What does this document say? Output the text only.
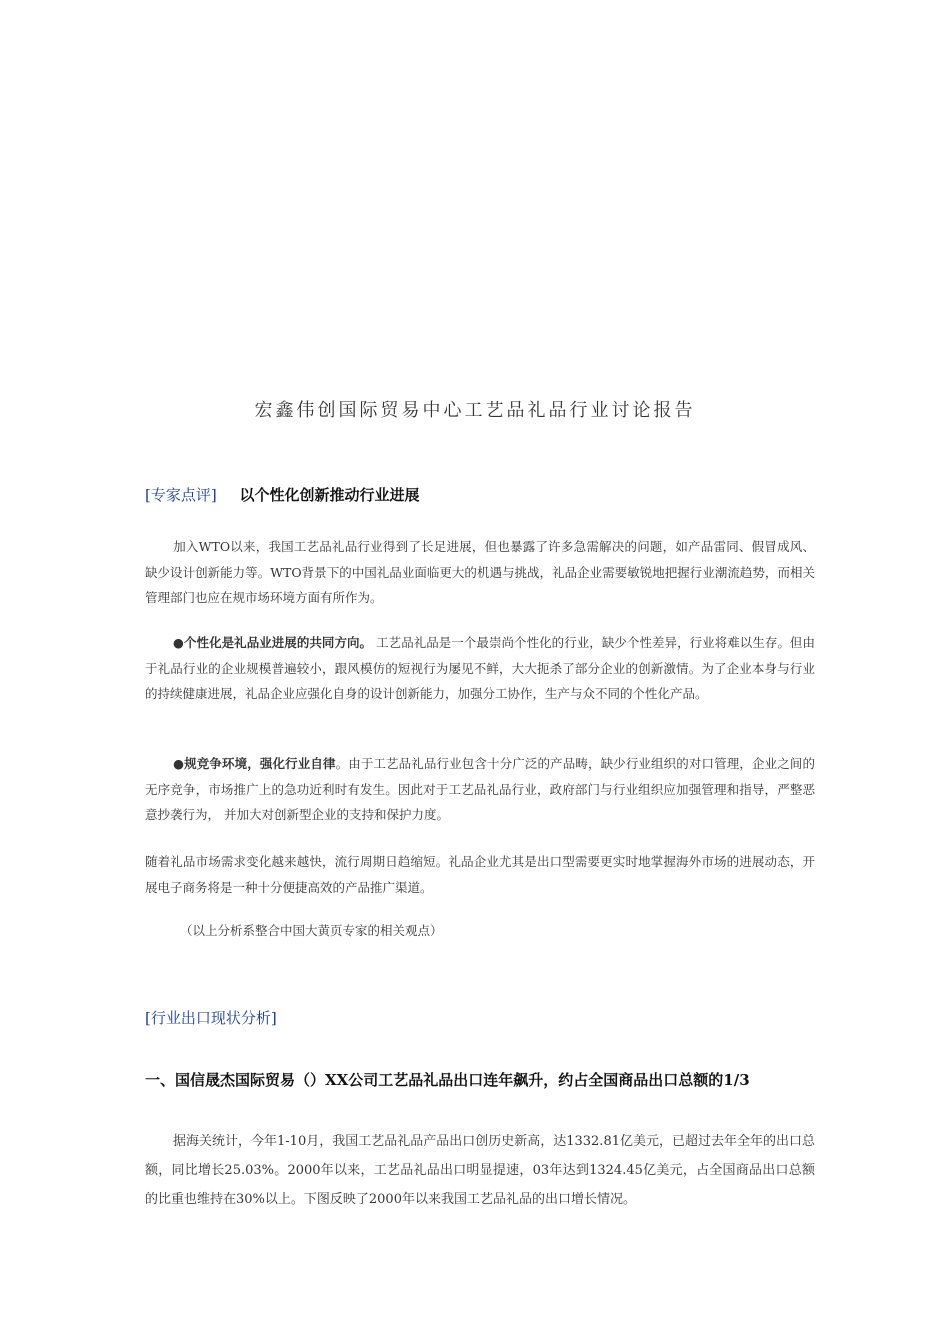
宏鑫伟创国际贸易中心工艺品礼品行业讨论报告
[专家点评] 以个性化创新推动行业进展
加入WTO以来，我国工艺品礼品行业得到了长足进展，但也暴露了许多急需解决的问题，如产品雷同、假冒成风、缺少设计创新能力等。WTO背景下的中国礼品业面临更大的机遇与挑战，礼品企业需要敏锐地把握行业潮流趋势，而相关管理部门也应在规市场环境方面有所作为。
●个性化是礼品业进展的共同方向。 工艺品礼品是一个最崇尚个性化的行业，缺少个性差异，行业将难以生存。但由于礼品行业的企业规模普遍较小，跟风模仿的短视行为屡见不鲜，大大扼杀了部分企业的创新激情。为了企业本身与行业的持续健康进展，礼品企业应强化自身的设计创新能力，加强分工协作，生产与众不同的个性化产品。
●规竞争环境，强化行业自律。由于工艺品礼品行业包含十分广泛的产品畴，缺少行业组织的对口管理，企业之间的无序竞争，市场推广上的急功近利时有发生。因此对于工艺品礼品行业，政府部门与行业组织应加强管理和指导，严整恶意抄袭行为， 并加大对创新型企业的支持和保护力度。
随着礼品市场需求变化越来越快，流行周期日趋缩短。礼品企业尤其是出口型需要更实时地掌握海外市场的进展动态，开展电子商务将是一种十分便捷高效的产品推广渠道。
（以上分析系整合中国大黄页专家的相关观点）
[行业出口现状分析]
一、国信晟杰国际贸易（）XX公司工艺品礼品出口连年飙升，约占全国商品出口总额的1/3
据海关统计，今年1-10月，我国工艺品礼品产品出口创历史新高，达1332.81亿美元，已超过去年全年的出口总额，同比增长25.03%。2000年以来，工艺品礼品出口明显提速，03年达到1324.45亿美元，占全国商品出口总额的比重也维持在30%以上。下图反映了2000年以来我国工艺品礼品的出口增长情况。
